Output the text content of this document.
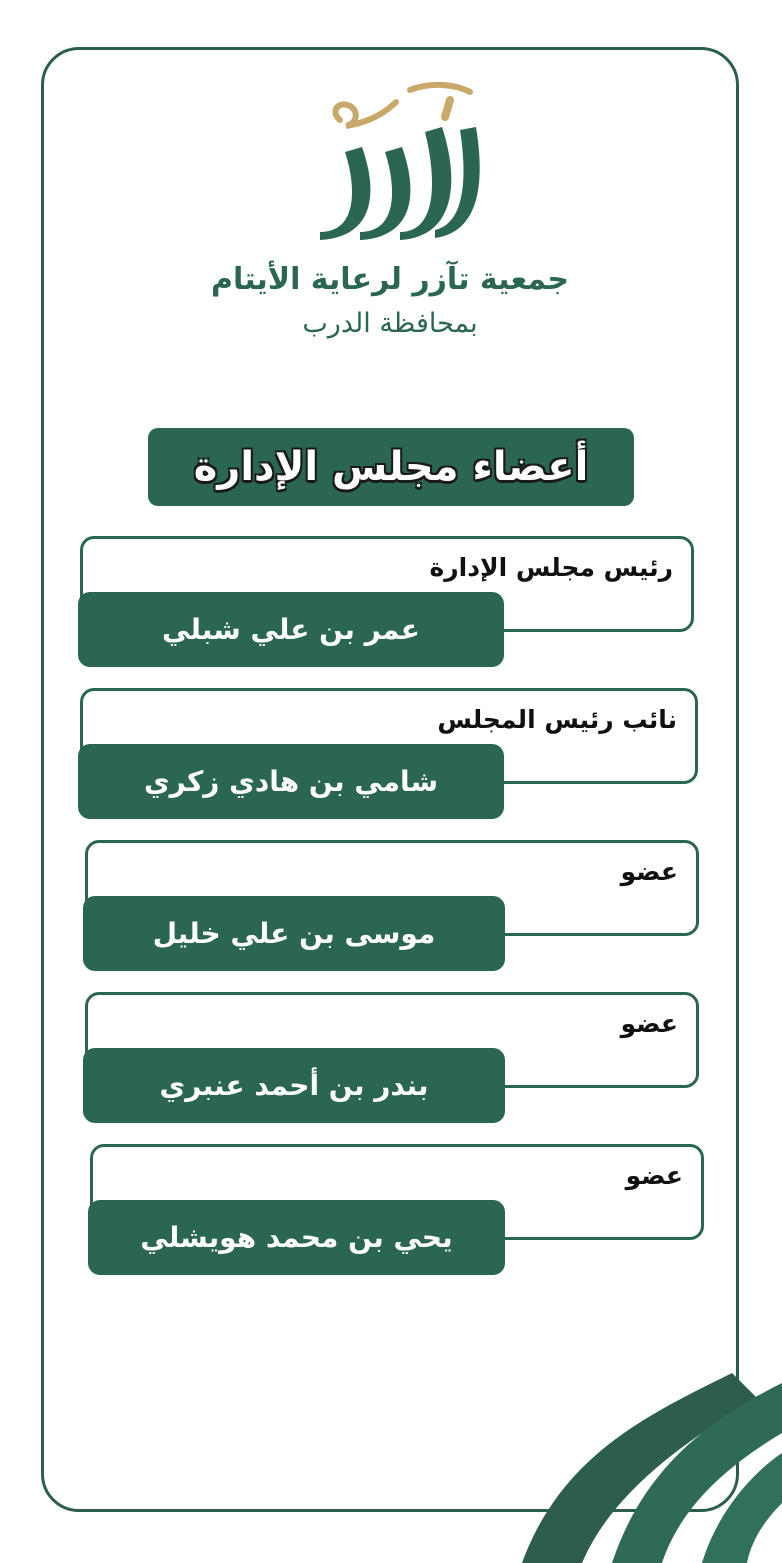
جمعية تآزر لرعاية الأيتام
بمحافظة الدرب
أعضاء مجلس الإدارة
رئيس مجلس الإدارة
عمر بن علي شبلي
نائب رئيس المجلس
شامي بن هادي زكري
عضو
موسى بن علي خليل
عضو
بندر بن أحمد عنبري
عضو
يحي بن محمد هويشلي
